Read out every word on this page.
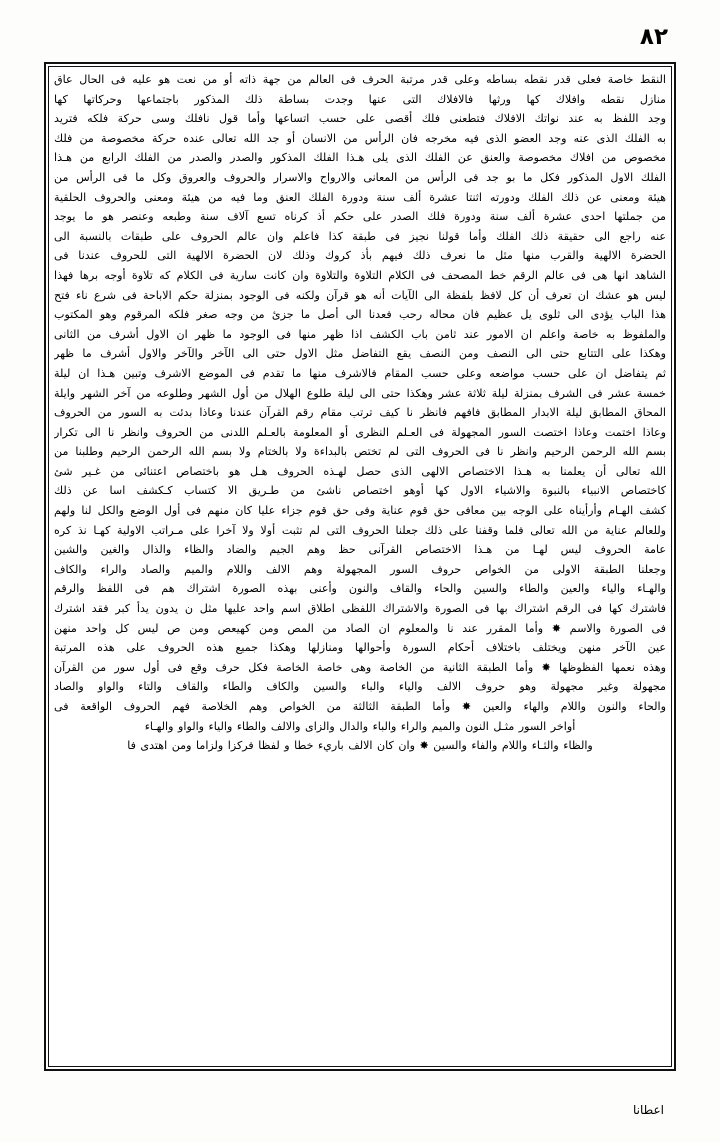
٨٢

النقط خاصة فعلى قدر نقطه بساطه وعلى قدر مرتبة الحرف فى العالم من جهة ذاته أو من نعت هو عليه فى الحال عاق

منازل نقطه وافلاك كها ورثها فالافلاك التى عنها وجدت بساطة ذلك المذكور باجتماعها وحركاتها كها

وجد اللفظ به عند نواتك الافلاك فتطعنى فلك أقصى على حسب اتساعها وأما قول نافلك وسى حركة فلكه فتريد

به الفلك الذى عنه وجد العضو الذى فيه مخرجه فان الرأس من الانسان أو جد الله تعالى عنده حركة مخصوصة من فلك

مخصوص من افلاك مخصوصة والعنق عن الفلك الذى يلى هـذا الفلك المذكور والصدر والصدر من الفلك الرابع من هـذا

الفلك الاول المذكور فكل ما بو جد فى الرأس من المعانى والارواح والاسرار والحروف والعروق وكل ما فى الرأس من

هيئة ومعنى عن ذلك الفلك ودورته اثنتا عشرة ألف سنة ودورة الفلك العنق وما فيه من هيئة ومعنى والحروف الحلقية

من جملتها احدى عشرة ألف سنة ودورة فلك الصدر على حكم أذ كرناه تسع آلاف سنة وطبعه وعنصر هو ما يوجد

عنه راجع الى حقيقة ذلك الفلك وأما قولنا نجيز فى طبقة كذا فاعلم وان عالم الحروف على طبقات بالنسبة الى

الحضرة الالهية والقرب منها مثل ما نعرف ذلك فيهم بأذ كروك وذلك لان الحضرة الالهية التى للحروف عندنا فى

الشاهد انها هى فى عالم الرقم خط المصحف فى الكلام التلاوة والتلاوة وان كانت سارية فى الكلام كه تلاوة أوجه برها فهذا

ليس هو عشك ان تعرف أن كل لافظ بلفظة الى الآيات أنه هو قرآن ولكنه فى الوجود بمنزلة حكم الاباحة فى شرع ناء فتح

هذا الباب يؤدى الى ثلوى يل عظيم فان محاله رحب فعدنا الى أصل ما جزئ من وجه صغر فلكه المرقوم وهو المكتوب

والملفوظ به خاصة واعلم ان الامور عند ثامن باب الكشف اذا ظهر منها فى الوجود ما ظهر ان الاول أشرف من الثانى

وهكذا على التتابع حتى الى النصف ومن النصف يقع التفاضل مثل الاول حتى الى الآخر والآخر والاول أشرف ما ظهر

ثم يتفاضل ان على حسب مواضعه وعلى حسب المقام فالاشرف منها ما تقدم فى الموضع الاشرف وتبين هـذا ان ليلة

خمسة عشر فى الشرف بمنزلة ليلة ثلاثة عشر وهكذا حتى الى ليلة طلوع الهلال من أول الشهر وطلوعه من آخر الشهر وايلة

المحاق المطابق ليلة الابدار المطابق فافهم فانظر نا كيف ترتب مقام رقم القرآن عندنا وعاذا بدئت به السور من الحروف

وعاذا اختمت وعاذا اختصت السور المجهولة فى العـلم النظرى أو المعلومة بالعـلم اللدنى من الحروف وانظر نا الى تكرار

بسم الله الرحمن الرحيم وانظر نا فى الحروف التى لم تختص بالبداءة ولا بالختام ولا بسم الله الرحمن الرحيم وطلبنا من

الله تعالى أن يعلمنا به هـذا الاختصاص الالهى الذى حصل لهـذه الحروف هـل هو باختصاص اعتنائى من غـير شئ

كاختصاص الانبياء بالنبوة والاشياء الاول كها أوهو اختصاص ناشئ من طـريق الا كتساب كـكشف اسا عن ذلك

كشف الهـام وأرأيناه على الوجه بين معافى حق قوم عناية وفى حق قوم جزاء عليا كان منهم فى أول الوضع والكل لنا ولهم

وللعالم عناية من الله تعالى فلما وقفنا على ذلك جعلنا الحروف التى لم تثبت أولا ولا آخرا على مـراتب الاولية كهـا نذ كره

عامة الحروف ليس لهـا من هـذا الاختصاص القرآنى حظ وهم الجيم والضاد والظاء والذال والغين والشين

وجعلنا الطبقة الاولى من الخواص حروف السور المجهولة وهم الالف واللام والميم والصاد والراء والكاف

والهـاء والياء والعين والطاء والسين والحاء والقاف والنون وأعنى بهذه الصورة اشتراك هم فى اللفظ والرقم

فاشترك كها فى الرقم اشتراك بها فى الصورة والاشتراك اللفظى اطلاق اسم واحد عليها مثل ن يدون يدأ كبر فقد اشترك

فى الصورة والاسم ✸ وأما المقرر عند نا والمعلوم ان الصاد من المص ومن كهيعص ومن ص ليس كل واحد منهن

عين الآخر منهن ويختلف باختلاف أحكام السورة وأحوالها ومنازلها وهكذا جميع هذه الحروف على هذه المرتبة

وهذه نعمها الفظوظها ✸ وأما الطبقة الثانية من الخاصة وهى خاصة الخاصة فكل حرف وقع فى أول سور من القرآن

مجهولة وغير مجهولة وهو حروف الالف والياء والباء والسين والكاف والطاء والقاف والتاء والواو والصاد

والحاء والنون واللام والهاء والعين ✸ وأما الطبقة الثالثة من الخواص وهم الخلاصة فهم الحروف الواقعة فى

أواخر السور مثـل النون والميم والراء والباء والدال والزاى والالف والطاء والياء والواو والهـاء

والظاء والثـاء واللام والفاء والسين ✸ وان كان الالف باريء خطا و لفظا فركزا ولزاما ومن اهتدى فا

اعطانا
